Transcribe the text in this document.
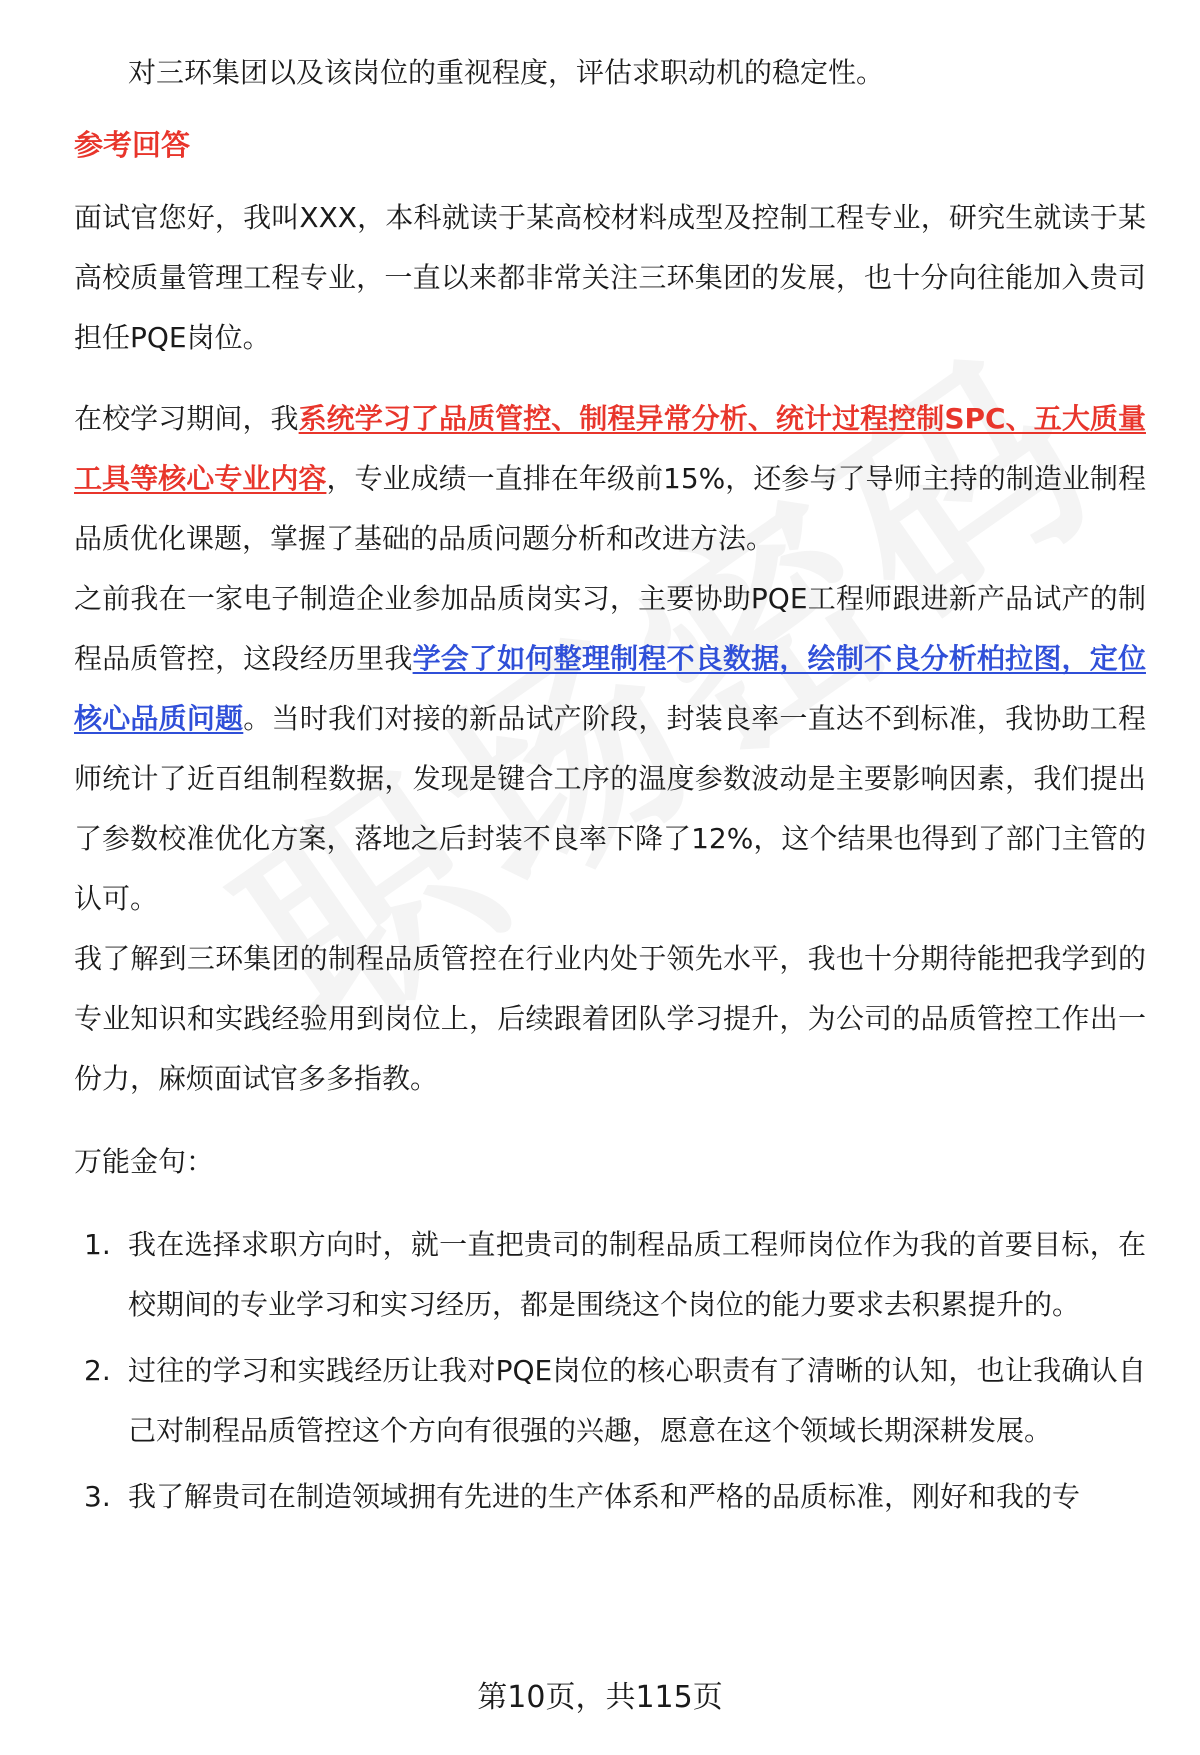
对三环集团以及该岗位的重视程度，评估求职动机的稳定性。

参考回答

面试官您好，我叫XXX，本科就读于某高校材料成型及控制工程专业，研究生就读于某高校质量管理工程专业，一直以来都非常关注三环集团的发展，也十分向往能加入贵司担任PQE岗位。

在校学习期间，我系统学习了品质管控、制程异常分析、统计过程控制SPC、五大质量工具等核心专业内容，专业成绩一直排在年级前15%，还参与了导师主持的制造业制程品质优化课题，掌握了基础的品质问题分析和改进方法。

之前我在一家电子制造企业参加品质岗实习，主要协助PQE工程师跟进新产品试产的制程品质管控，这段经历里我学会了如何整理制程不良数据，绘制不良分析柏拉图，定位核心品质问题。当时我们对接的新品试产阶段，封装良率一直达不到标准，我协助工程师统计了近百组制程数据，发现是键合工序的温度参数波动是主要影响因素，我们提出了参数校准优化方案，落地之后封装不良率下降了12%，这个结果也得到了部门主管的认可。

我了解到三环集团的制程品质管控在行业内处于领先水平，我也十分期待能把我学到的专业知识和实践经验用到岗位上，后续跟着团队学习提升，为公司的品质管控工作出一份力，麻烦面试官多多指教。

万能金句：

1. 我在选择求职方向时，就一直把贵司的制程品质工程师岗位作为我的首要目标，在校期间的专业学习和实习经历，都是围绕这个岗位的能力要求去积累提升的。
2. 过往的学习和实践经历让我对PQE岗位的核心职责有了清晰的认知，也让我确认自己对制程品质管控这个方向有很强的兴趣，愿意在这个领域长期深耕发展。
3. 我了解贵司在制造领域拥有先进的生产体系和严格的品质标准，刚好和我的专
第10页，共115页
